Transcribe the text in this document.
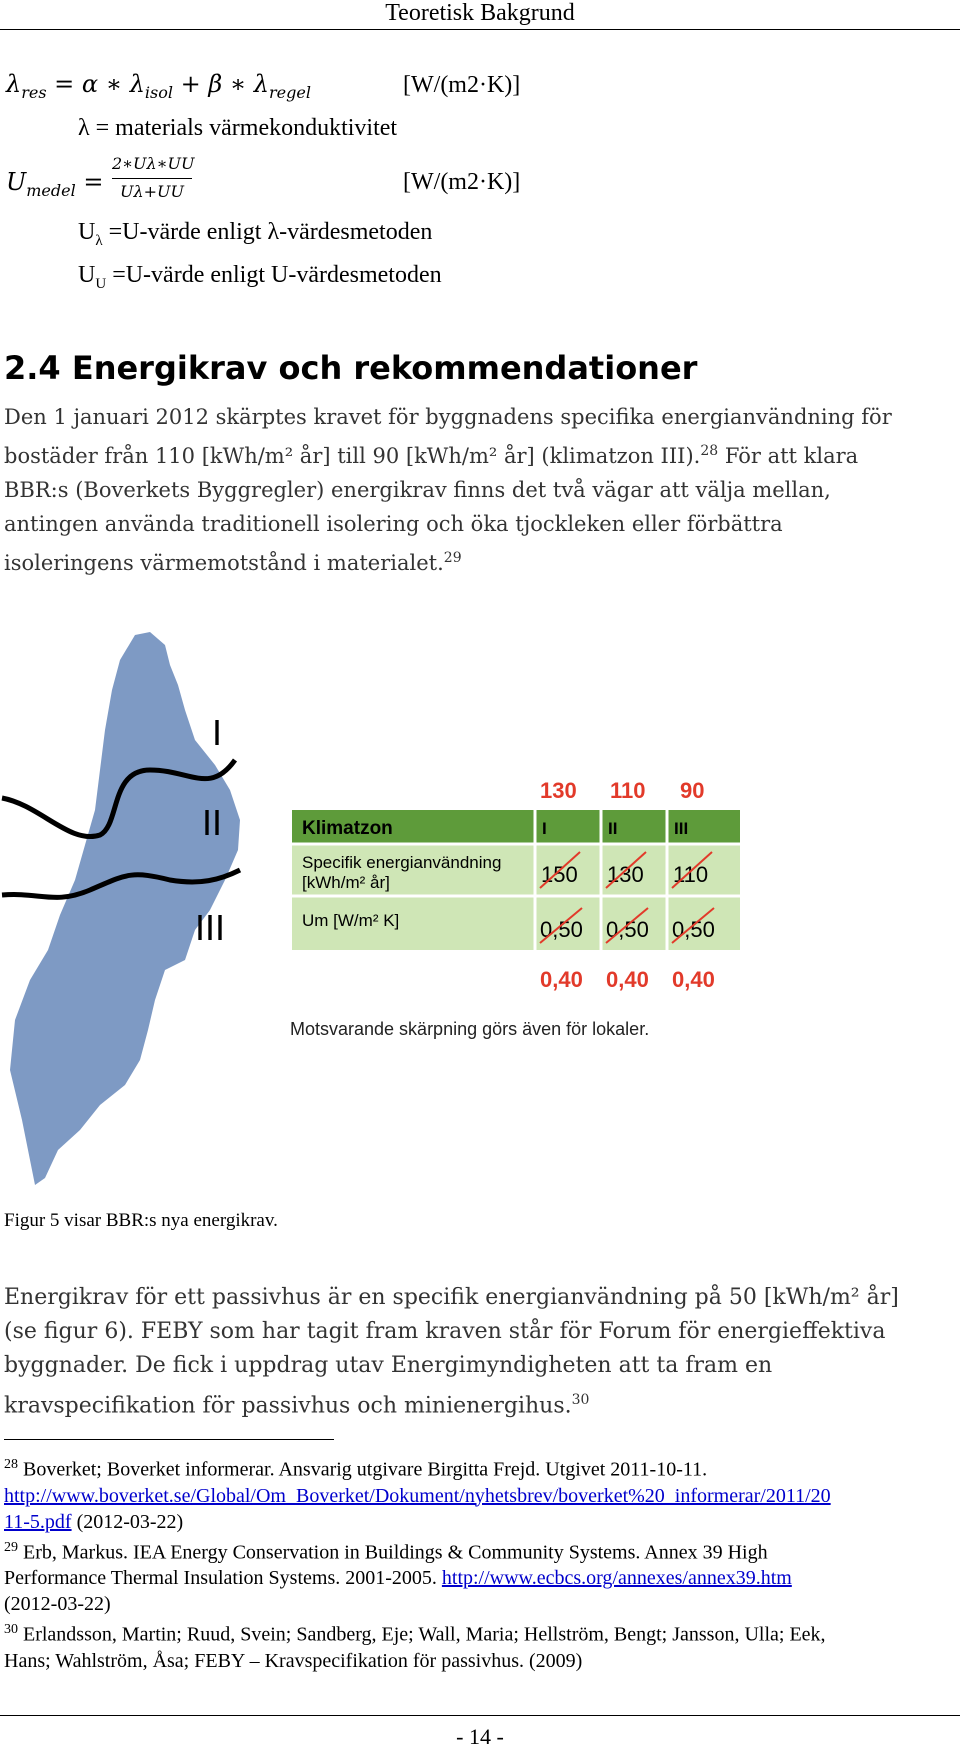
Teoretisk Bakgrund
$\lambda_{res} = \alpha$ ∗ $\lambda_{isol} + \beta$ ∗ $\lambda_{regel}$	[W/(m2·K)]
λ = materials värmekonduktivitet
$U_{medel}$ =
2∗Uλ∗UU
Uλ+UU	[W/(m2·K)]
$U_\lambda$ =U-värde enligt λ-värdesmetoden
$U_U$ =U-värde enligt U-värdesmetoden
2.4 Energikrav och rekommendationer
Den 1 januari 2012 skärptes kravet för byggnadens specifika energianvändning för
bostäder från 110 [kWh/m² år] till 90 [kWh/m² år] (klimatzon III).$^{28}$ För att klara
BBR:s (Boverkets Byggregler) energikrav finns det två vägar att välja mellan,
antingen använda traditionell isolering och öka tjockleken eller förbättra
isoleringens värmemotstånd i materialet.$^{29}$
I
II
III
130 110 90
Klimatzon	I	II	III
Specifik energianvändning
[kWh/m² år]	150 130 110
Um [W/m² K]	0,50 0,50 0,50
0,40 0,40 0,40
Motsvarande skärpning görs även för lokaler.
Figur 5 visar BBR:s nya energikrav.
Energikrav för ett passivhus är en specifik energianvändning på 50 [kWh/m² år]
(se figur 6). FEBY som har tagit fram kraven står för Forum för energieffektiva
byggnader. De fick i uppdrag utav Energimyndigheten att ta fram en
kravspecifikation för passivhus och minienergihus.$^{30}$
$^{28}$ Boverket; Boverket informerar. Ansvarig utgivare Birgitta Frejd. Utgivet 2011-10-11.
http://www.boverket.se/Global/Om_Boverket/Dokument/nyhetsbrev/boverket%20_informerar/2011/20
11-5.pdf (2012-03-22)
$^{29}$ Erb, Markus. IEA Energy Conservation in Buildings & Community Systems. Annex 39 High
Performance Thermal Insulation Systems. 2001-2005. http://www.ecbcs.org/annexes/annex39.htm
(2012-03-22)
$^{30}$ Erlandsson, Martin; Ruud, Svein; Sandberg, Eje; Wall, Maria; Hellström, Bengt; Jansson, Ulla; Eek,
Hans; Wahlström, Åsa; FEBY – Kravspecifikation för passivhus. (2009)
- 14 -
